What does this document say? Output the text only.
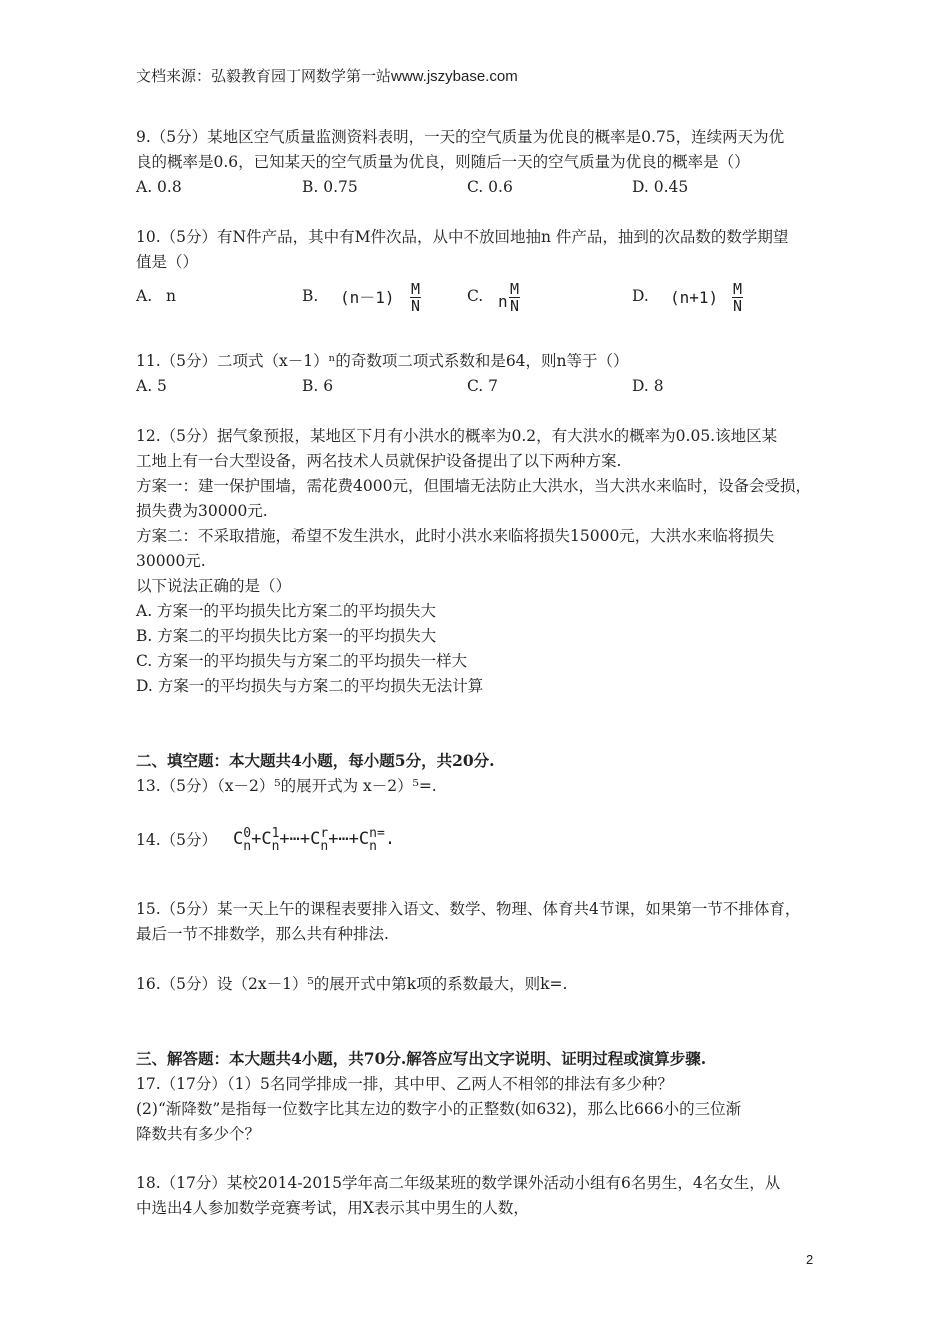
文档来源：弘毅教育园丁网数学第一站www.jszybase.com
9.（5分）某地区空气质量监测资料表明，一天的空气质量为优良的概率是0.75，连续两天为优
良的概率是0.6，已知某天的空气质量为优良，则随后一天的空气质量为优良的概率是（）
A. 0.8	B. 0.75	C. 0.6	D. 0.45
10.（5分）有N件产品，其中有M件次品，从中不放回地抽n 件产品，抽到的次品数的数学期望
值是（）
A. n	B. $(n-1) \frac{M}{N}$	C. n $\frac{M}{N}$	D. $(n+1) \frac{M}{N}$
11.（5分）二项式（x－1）ⁿ的奇数项二项式系数和是64，则n等于（）
A. 5	B. 6	C. 7	D. 8
12.（5分）据气象预报，某地区下月有小洪水的概率为0.2，有大洪水的概率为0.05.该地区某
工地上有一台大型设备，两名技术人员就保护设备提出了以下两种方案.
方案一：建一保护围墙，需花费4000元，但围墙无法防止大洪水，当大洪水来临时，设备会受损，
损失费为30000元.
方案二：不采取措施，希望不发生洪水，此时小洪水来临将损失15000元，大洪水来临将损失
30000元.
以下说法正确的是（）
A. 方案一的平均损失比方案二的平均损失大
B. 方案二的平均损失比方案一的平均损失大
C. 方案一的平均损失与方案二的平均损失一样大
D. 方案一的平均损失与方案二的平均损失无法计算
二、填空题：本大题共4小题，每小题5分，共20分.
13.（5分）（x－2）⁵的展开式为 x－2）⁵=.
14.（5分） C 0
n +C 1
n +⋯+C r
n +⋯+C n=
n .
15.（5分）某一天上午的课程表要排入语文、数学、物理、体育共4节课，如果第一节不排体育，
最后一节不排数学，那么共有种排法.
16.（5分）设（2x－1）⁵的展开式中第k项的系数最大，则k=.
三、解答题：本大题共4小题，共70分.解答应写出文字说明、证明过程或演算步骤.
17.（17分）（1）5名同学排成一排，其中甲、乙两人不相邻的排法有多少种？
(2)“渐降数”是指每一位数字比其左边的数字小的正整数(如632)，那么比666小的三位渐
降数共有多少个？
18.（17分）某校2014-2015学年高二年级某班的数学课外活动小组有6名男生，4名女生，从
中选出4人参加数学竞赛考试，用X表示其中男生的人数，
2
